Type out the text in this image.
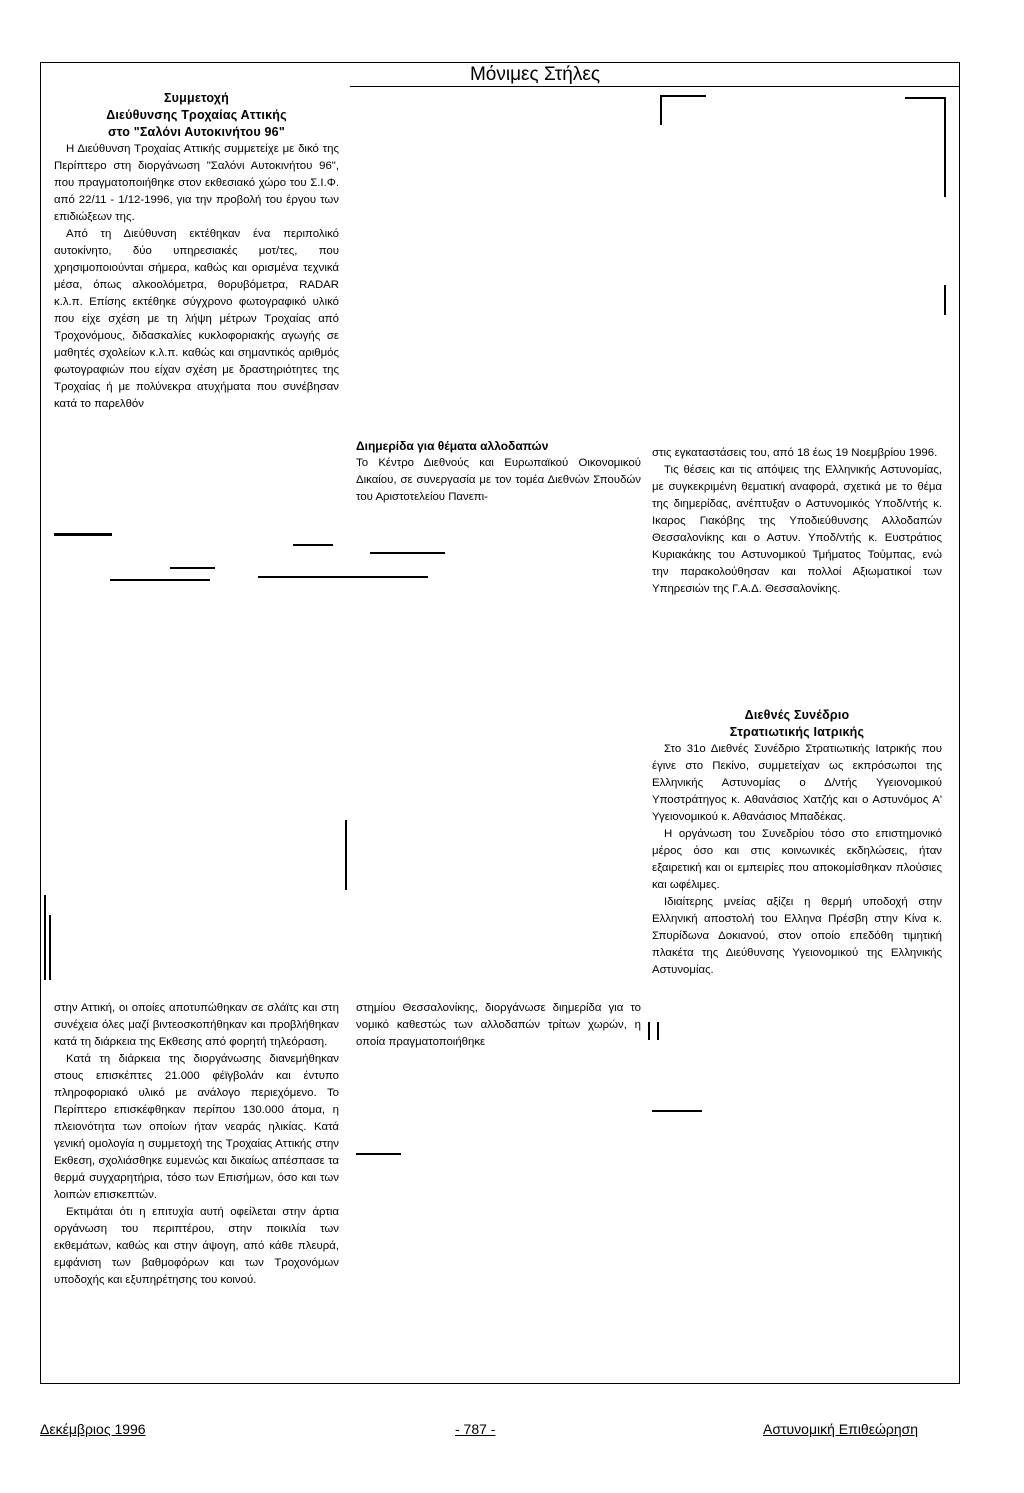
Μόνιμες Στήλες
Συμμετοχή
Διεύθυνσης Τροχαίας Αττικής
στο "Σαλόνι Αυτοκινήτου 96"

Η Διεύθυνση Τροχαίας Αττικής συμμετείχε με δικό της Περίπτερο στη διοργάνωση "Σαλόνι Αυτοκινήτου 96", που πραγματοποιήθηκε στον εκθεσιακό χώρο του Σ.Ι.Φ. από 22/11 - 1/12-1996, για την προβολή του έργου των επιδιώξεων της.

Από τη Διεύθυνση εκτέθηκαν ένα περιπολικό αυτοκίνητο, δύο υπηρεσιακές μοτ/τες, που χρησιμοποιούνται σήμερα, καθώς και ορισμένα τεχνικά μέσα, όπως αλκοολόμετρα, θορυβόμετρα, RADAR κ.λ.π. Επίσης εκτέθηκε σύγχρονο φωτογραφικό υλικό που είχε σχέση με τη λήψη μέτρων Τροχαίας από Τροχονόμους, διδασκαλίες κυκλοφοριακής αγωγής σε μαθητές σχολείων κ.λ.π. καθώς και σημαντικός αριθμός φωτογραφιών που είχαν σχέση με δραστηριότητες της Τροχαίας ή με πολύνεκρα ατυχήματα που συνέβησαν κατά το παρελθόν

στην Αττική, οι οποίες αποτυπώθηκαν σε σλάϊτς και στη συνέχεια όλες μαζί βιντεοσκοπήθηκαν και προβλήθηκαν κατά τη διάρκεια της Εκθεσης από φορητή τηλεόραση.

Κατά τη διάρκεια της διοργάνωσης διανεμήθηκαν στους επισκέπτες 21.000 φέϊγβολάν και έντυπο πληροφοριακό υλικό με ανάλογο περιεχόμενο. Το Περίπτερο επισκέφθηκαν περίπου 130.000 άτομα, η πλειονότητα των οποίων ήταν νεαράς ηλικίας. Κατά γενική ομολογία η συμμετοχή της Τροχαίας Αττικής στην Εκθεση, σχολιάσθηκε ευμενώς και δικαίως απέσπασε τα θερμά συγχαρητήρια, τόσο των Επισήμων, όσο και των λοιπών επισκεπτών.

Εκτιμάται ότι η επιτυχία αυτή οφείλεται στην άρτια οργάνωση του περιπτέρου, στην ποικιλία των εκθεμάτων, καθώς και στην άψογη, από κάθε πλευρά, εμφάνιση των βαθμοφόρων και των Τροχονόμων υποδοχής και εξυπηρέτησης του κοινού.

Διημερίδα για θέματα αλλοδαπών

Το Κέντρο Διεθνούς και Ευρωπαϊκού Οικονομικού Δικαίου, σε συνεργασία με τον τομέα Διεθνών Σπουδών του Αριστοτελείου Πανεπι-

στημίου Θεσσαλονίκης, διοργάνωσε διημερίδα για το νομικό καθεστώς των αλλοδαπών τρίτων χωρών, η οποία πραγματοποιήθηκε

στις εγκαταστάσεις του, από 18 έως 19 Νοεμβρίου 1996.

Τις θέσεις και τις απόψεις της Ελληνικής Αστυνομίας, με συγκεκριμένη θεματική αναφορά, σχετικά με το θέμα της διημερίδας, ανέπτυξαν ο Αστυνομικός Υποδ/ντής κ. Ικαρος Γιακόβης της Υποδιεύθυνσης Αλλοδαπών Θεσσαλονίκης και ο Αστυν. Υποδ/ντής κ. Ευστράτιος Κυριακάκης του Αστυνομικού Τμήματος Τούμπας, ενώ την παρακολούθησαν και πολλοί Αξιωματικοί των Υπηρεσιών της Γ.Α.Δ. Θεσσαλονίκης.

Διεθνές Συνέδριο
Στρατιωτικής Ιατρικής

Στο 31ο Διεθνές Συνέδριο Στρατιωτικής Ιατρικής που έγινε στο Πεκίνο, συμμετείχαν ως εκπρόσωποι της Ελληνικής Αστυνομίας ο Δ/ντής Υγειονομικού Υποστράτηγος κ. Αθανάσιος Χατζής και ο Αστυνόμος Α' Υγειονομικού κ. Αθανάσιος Μπαδέκας.

Η οργάνωση του Συνεδρίου τόσο στο επιστημονικό μέρος όσο και στις κοινωνικές εκδηλώσεις, ήταν εξαιρετική και οι εμπειρίες που αποκομίσθηκαν πλούσιες και ωφέλιμες.

Ιδιαίτερης μνείας αξίζει η θερμή υποδοχή στην Ελληνική αποστολή του Ελληνα Πρέσβη στην Κίνα κ. Σπυρίδωνα Δοκιανού, στον οποίο επεδόθη τιμητική πλακέτα της Διεύθυνσης Υγειονομικού της Ελληνικής Αστυνομίας.

Δεκέμβριος 1996	- 787 -	Αστυνομική Επιθεώρηση
